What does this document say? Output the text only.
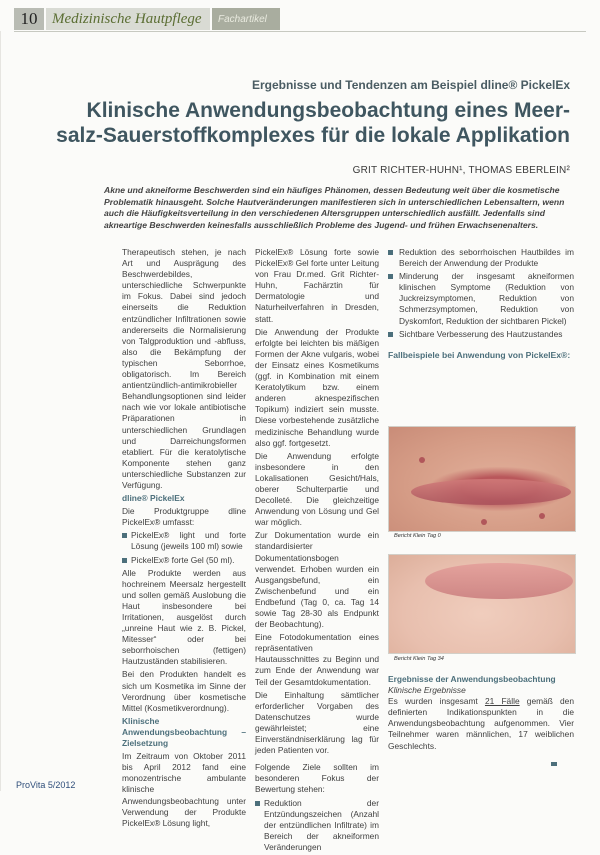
10 Medizinische Hautpflege	Fachartikel
Ergebnisse und Tendenzen am Beispiel dline® PickelEx
Klinische Anwendungsbeobachtung eines Meer-salz-Sauerstoffkomplexes für die lokale Applikation
GRIT RICHTER-HUHN¹, THOMAS EBERLEIN²

Akne und akneiforme Beschwerden sind ein häufiges Phänomen, dessen Bedeutung weit über die kosmetische Problematik hinausgeht. Solche Hautveränderungen manifestieren sich in unterschiedlichen Lebensaltern, wenn auch die Häufigkeitsverteilung in den verschiedenen Altersgruppen unterschiedlich ausfällt. Jedenfalls sind akneartige Beschwerden keinesfalls ausschließlich Probleme des Jugend- und frühen Erwachsenenalters.

Therapeutisch stehen, je nach Art und Ausprägung des Beschwerdebildes, unterschiedliche Schwerpunkte im Fokus. Dabei sind jedoch einerseits die Reduktion entzündlicher Infiltrationen sowie andererseits die Normalisierung von Talgproduktion und -abfluss, also die Bekämpfung der typischen Seborrhoe, obligatorisch. Im Bereich antientzündlich-antimikrobieller Behandlungsoptionen sind leider nach wie vor lokale antibiotische Präparationen in unterschiedlichen Grundlagen und Darreichungsformen etabliert. Für die keratolytische Komponente stehen ganz unterschiedliche Substanzen zur Verfügung.

dline® PickelEx

Die Produktgruppe dline PickelEx® umfasst:

PickelEx® light und forte Lösung (jeweils 100 ml) sowie

PickelEx® forte Gel (50 ml).

Alle Produkte werden aus hochreinem Meersalz hergestellt und sollen gemäß Auslobung die Haut insbesondere bei Irritationen, ausgelöst durch „unreine Haut wie z. B. Pickel, Mitesser“ oder bei seborrhoischen (fettigen) Hautzuständen stabilisieren.

Bei den Produkten handelt es sich um Kosmetika im Sinne der Verordnung über kosmetische Mittel (Kosmetikverordnung).

Klinische Anwendungsbeobachtung – Zielsetzung

Im Zeitraum von Oktober 2011 bis April 2012 fand eine monozentrische ambulante klinische Anwendungsbeobachtung unter Verwendung der Produkte PickelEx® Lösung light,

PickelEx® Lösung forte sowie PickelEx® Gel forte unter Leitung von Frau Dr.med. Grit Richter-Huhn, Fachärztin für Dermatologie und Naturheilverfahren in Dresden, statt.

Die Anwendung der Produkte erfolgte bei leichten bis mäßigen Formen der Akne vulgaris, wobei der Einsatz eines Kosmetikums (ggf. in Kombination mit einem Keratolytikum bzw. einem anderen aknespezifischen Topikum) indiziert sein musste. Diese vorbestehende zusätzliche medizinische Behandlung wurde also ggf. fortgesetzt.

Die Anwendung erfolgte insbesondere in den Lokalisationen Gesicht/Hals, oberer Schulterpartie und Decolleté. Die gleichzeitige Anwendung von Lösung und Gel war möglich.

Zur Dokumentation wurde ein standardisierter Dokumentationsbogen verwendet. Erhoben wurden ein Ausgangsbefund, ein Zwischenbefund und ein Endbefund (Tag 0, ca. Tag 14 sowie Tag 28-30 als Endpunkt der Beobachtung).

Eine Fotodokumentation eines repräsentativen Hautausschnittes zu Beginn und zum Ende der Anwendung war Teil der Gesamtdokumentation.

Die Einhaltung sämtlicher erforderlicher Vorgaben des Datenschutzes wurde gewährleistet; eine Einverständniserklärung lag für jeden Patienten vor.

Folgende Ziele sollten im besonderen Fokus der Bewertung stehen:

Reduktion der Entzündungszeichen (Anzahl der entzündlichen Infiltrate) im Bereich der akneiformen Veränderungen

Reduktion des seborrhoischen Hautbildes im Bereich der Anwendung der Produkte

Minderung der insgesamt akneiformen klinischen Symptome (Reduktion von Juckreizsymptomen, Reduktion von Schmerzsymptomen, Reduktion von Dyskomfort, Reduktion der sichtbaren Pickel)

Sichtbare Verbesserung des Hautzustandes

Fallbeispiele bei Anwendung von PickelEx®:

Bericht Klein Tag 0
Bericht Klein Tag 34

Ergebnisse der Anwendungsbeobachtung

Klinische Ergebnisse

Es wurden insgesamt 21 Fälle gemäß den definierten Indikationspunkten in die Anwendungsbeobachtung aufgenommen. Vier Teilnehmer waren männlichen, 17 weiblichen Geschlechts.

ProVita 5/2012
